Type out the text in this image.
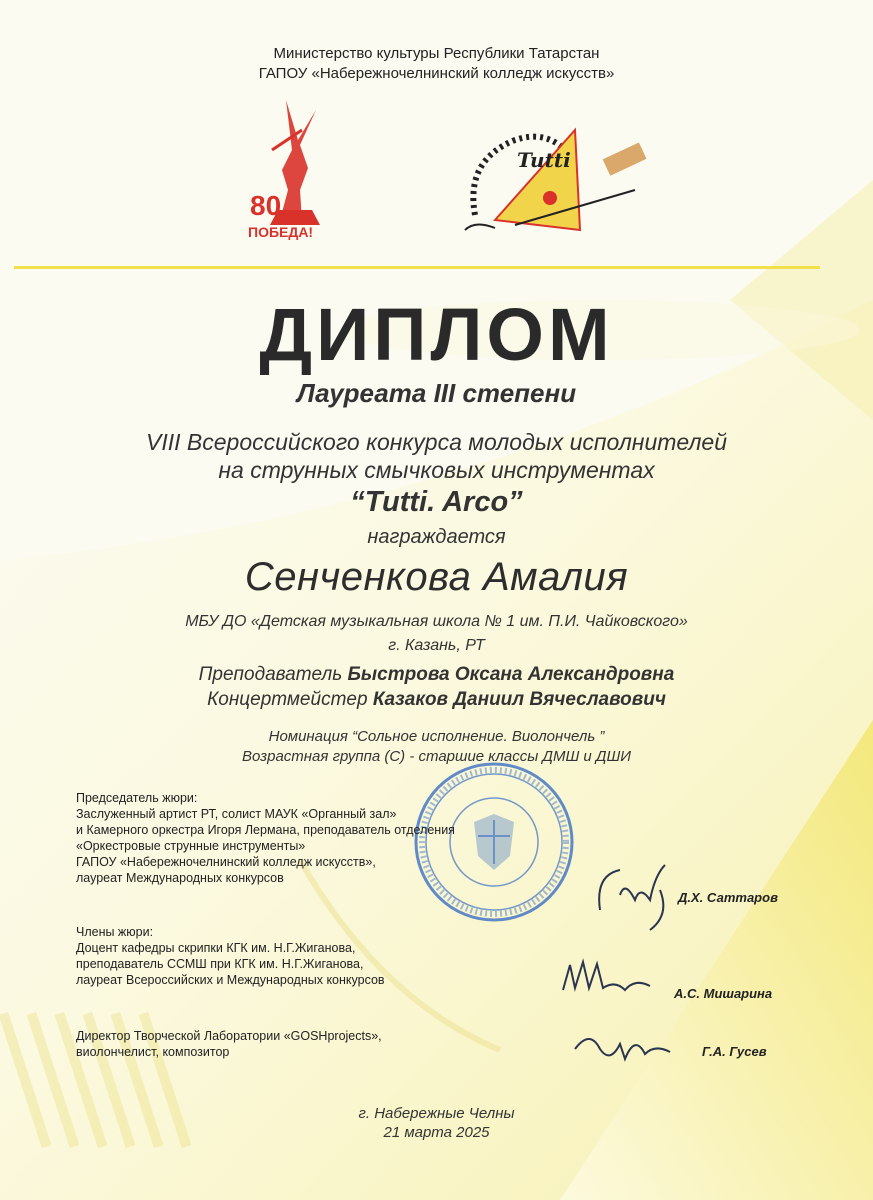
Министерство культуры Республики Татарстан
ГАПОУ «Набережночелнинский колледж искусств»
80
ПОБЕДА!
Tutti
ДИПЛОМ
Лауреата III степени
VIII Всероссийского конкурса молодых исполнителей
на струнных смычковых инструментах
“Tutti. Arco”
награждается
Сенченкова Амалия
МБУ ДО «Детская музыкальная школа № 1 им. П.И. Чайковского»
г. Казань, РТ
Преподаватель Быстрова Оксана Александровна
Концертмейстер Казаков Даниил Вячеславович
Номинация “Сольное исполнение. Виолончель ”
Возрастная группа (С) - старшие классы ДМШ и ДШИ
Председатель жюри:
Заслуженный артист РТ, солист МАУК «Органный зал»
и Камерного оркестра Игоря Лермана, преподаватель отделения
«Оркестровые струнные инструменты»
ГАПОУ «Набережночелнинский колледж искусств»,
лауреат Международных конкурсов
Д.Х. Саттаров
Члены жюри:
Доцент кафедры скрипки КГК им. Н.Г.Жиганова,
преподаватель ССМШ при КГК им. Н.Г.Жиганова,
лауреат Всероссийских и Международных конкурсов
А.С. Мишарина
Директор Творческой Лаборатории «GOSHprojects»,
виолончелист, композитор	Г.А. Гусев
г. Набережные Челны
21 марта 2025
